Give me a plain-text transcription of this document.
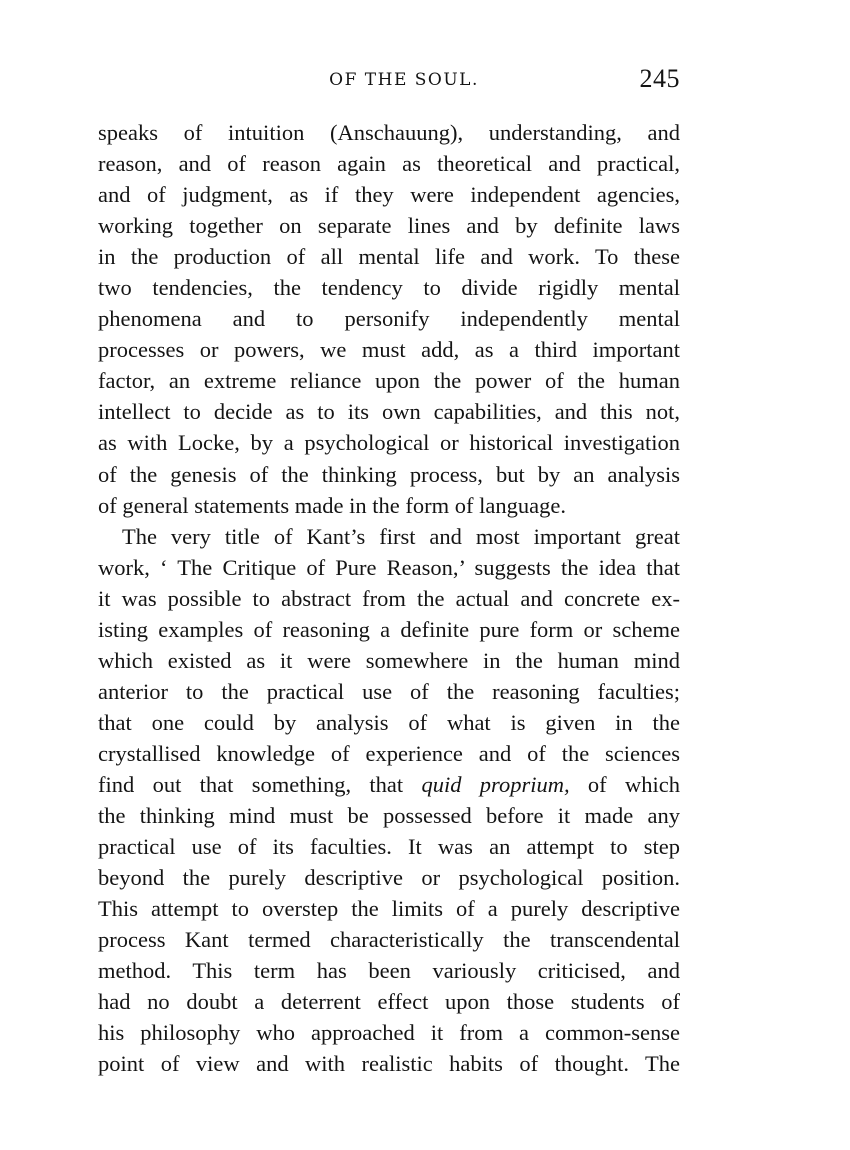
OF THE SOUL.	245
speaks of intuition (Anschauung), understanding, and
reason, and of reason again as theoretical and practical,
and of judgment, as if they were independent agencies,
working together on separate lines and by definite laws
in the production of all mental life and work. To these
two tendencies, the tendency to divide rigidly mental
phenomena and to personify independently mental
processes or powers, we must add, as a third important
factor, an extreme reliance upon the power of the human
intellect to decide as to its own capabilities, and this not,
as with Locke, by a psychological or historical investigation
of the genesis of the thinking process, but by an analysis
of general statements made in the form of language.
The very title of Kant’s first and most important great
work, ‘ The Critique of Pure Reason,’ suggests the idea that
it was possible to abstract from the actual and concrete ex-
isting examples of reasoning a definite pure form or scheme
which existed as it were somewhere in the human mind
anterior to the practical use of the reasoning faculties;
that one could by analysis of what is given in the
crystallised knowledge of experience and of the sciences
find out that something, that quid proprium, of which
the thinking mind must be possessed before it made any
practical use of its faculties. It was an attempt to step
beyond the purely descriptive or psychological position.
This attempt to overstep the limits of a purely descriptive
process Kant termed characteristically the transcendental
method. This term has been variously criticised, and
had no doubt a deterrent effect upon those students of
his philosophy who approached it from a common-sense
point of view and with realistic habits of thought. The
